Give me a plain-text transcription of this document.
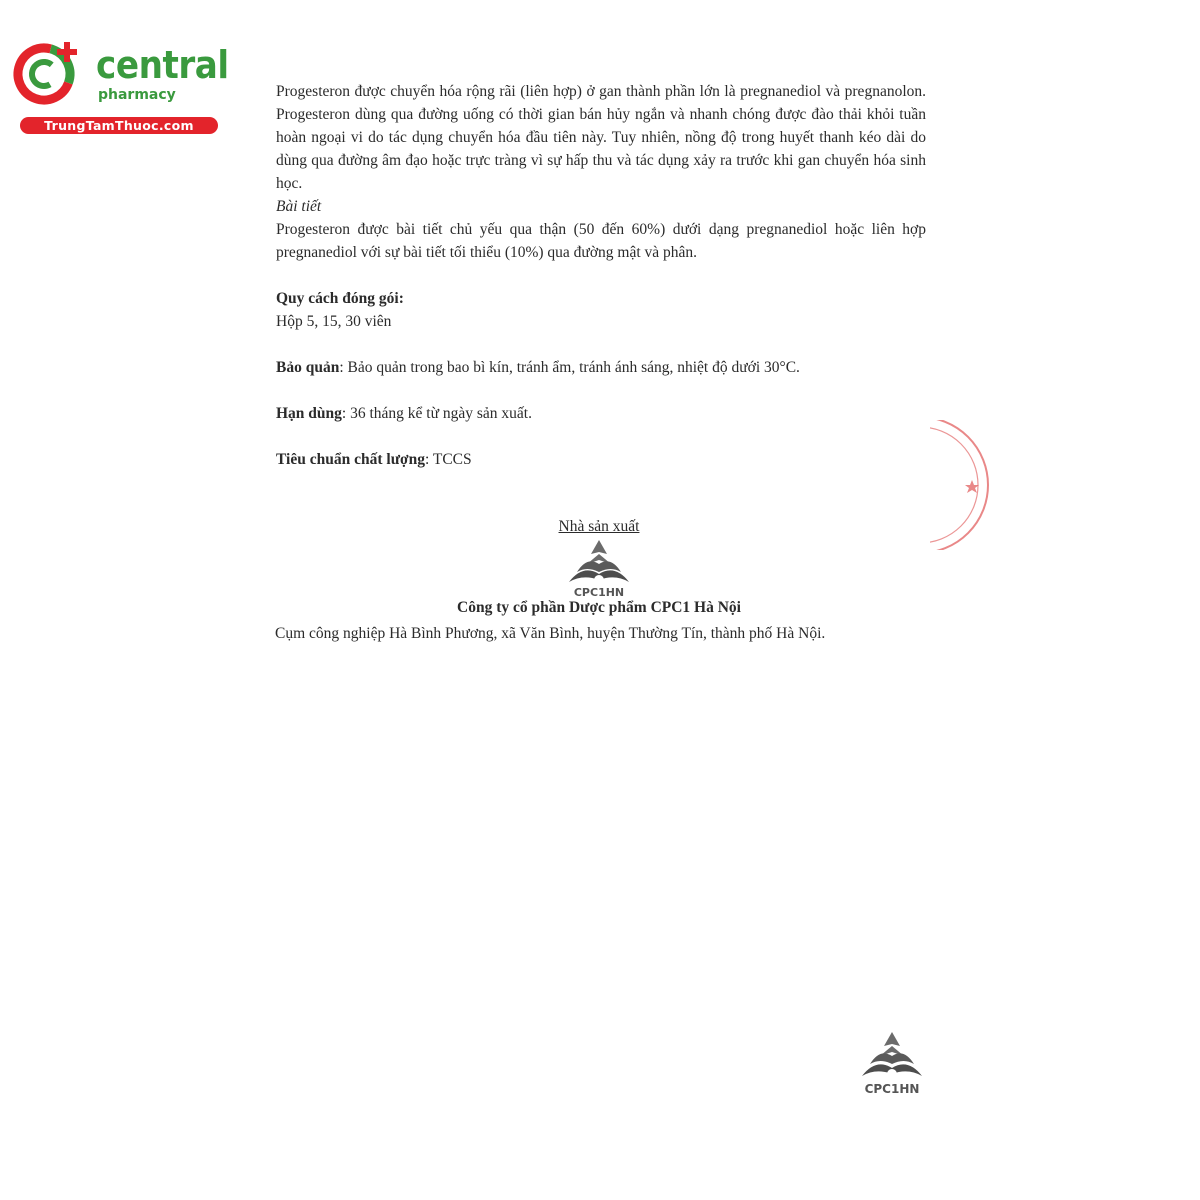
central
pharmacy
TrungTamThuoc.com

Progesteron được chuyển hóa rộng rãi (liên hợp) ở gan thành phần lớn là pregnanediol và pregnanolon. Progesteron dùng qua đường uống có thời gian bán hủy ngắn và nhanh chóng được đào thải khỏi tuần hoàn ngoại vi do tác dụng chuyển hóa đầu tiên này. Tuy nhiên, nồng độ trong huyết thanh kéo dài do dùng qua đường âm đạo hoặc trực tràng vì sự hấp thu và tác dụng xảy ra trước khi gan chuyển hóa sinh học.

Bài tiết

Progesteron được bài tiết chủ yếu qua thận (50 đến 60%) dưới dạng pregnanediol hoặc liên hợp pregnanediol với sự bài tiết tối thiểu (10%) qua đường mật và phân.

Quy cách đóng gói:

Hộp 5, 15, 30 viên

Bảo quản: Bảo quản trong bao bì kín, tránh ẩm, tránh ánh sáng, nhiệt độ dưới 30°C.

Hạn dùng: 36 tháng kể từ ngày sản xuất.

Tiêu chuẩn chất lượng: TCCS

Nhà sản xuất
CPC1HN
Công ty cổ phần Dược phẩm CPC1 Hà Nội
Cụm công nghiệp Hà Bình Phương, xã Văn Bình, huyện Thường Tín, thành phố Hà Nội.
CPC1HN
